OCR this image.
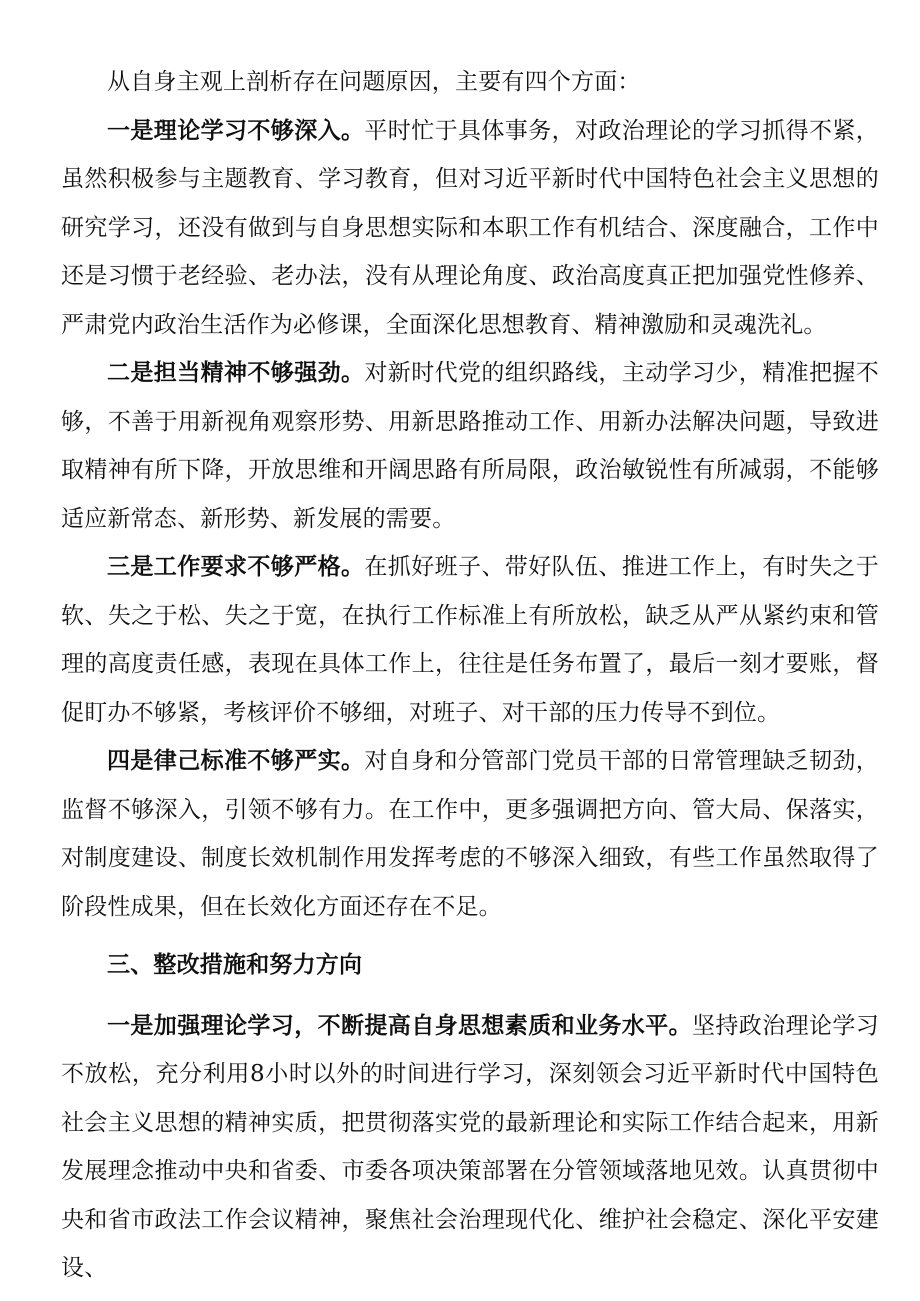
从自身主观上剖析存在问题原因，主要有四个方面：

一是理论学习不够深入。平时忙于具体事务，对政治理论的学习抓得不紧，虽然积极参与主题教育、学习教育，但对习近平新时代中国特色社会主义思想的研究学习，还没有做到与自身思想实际和本职工作有机结合、深度融合，工作中还是习惯于老经验、老办法，没有从理论角度、政治高度真正把加强党性修养、严肃党内政治生活作为必修课，全面深化思想教育、精神激励和灵魂洗礼。

二是担当精神不够强劲。对新时代党的组织路线，主动学习少，精准把握不够，不善于用新视角观察形势、用新思路推动工作、用新办法解决问题，导致进取精神有所下降，开放思维和开阔思路有所局限，政治敏锐性有所减弱，不能够适应新常态、新形势、新发展的需要。

三是工作要求不够严格。在抓好班子、带好队伍、推进工作上，有时失之于软、失之于松、失之于宽，在执行工作标准上有所放松，缺乏从严从紧约束和管理的高度责任感，表现在具体工作上，往往是任务布置了，最后一刻才要账，督促盯办不够紧，考核评价不够细，对班子、对干部的压力传导不到位。

四是律己标准不够严实。对自身和分管部门党员干部的日常管理缺乏韧劲，监督不够深入，引领不够有力。在工作中，更多强调把方向、管大局、保落实，对制度建设、制度长效机制作用发挥考虑的不够深入细致，有些工作虽然取得了阶段性成果，但在长效化方面还存在不足。

三、整改措施和努力方向

一是加强理论学习，不断提高自身思想素质和业务水平。坚持政治理论学习不放松，充分利用8小时以外的时间进行学习，深刻领会习近平新时代中国特色社会主义思想的精神实质，把贯彻落实党的最新理论和实际工作结合起来，用新发展理念推动中央和省委、市委各项决策部署在分管领域落地见效。认真贯彻中央和省市政法工作会议精神，聚焦社会治理现代化、维护社会稳定、深化平安建设、
